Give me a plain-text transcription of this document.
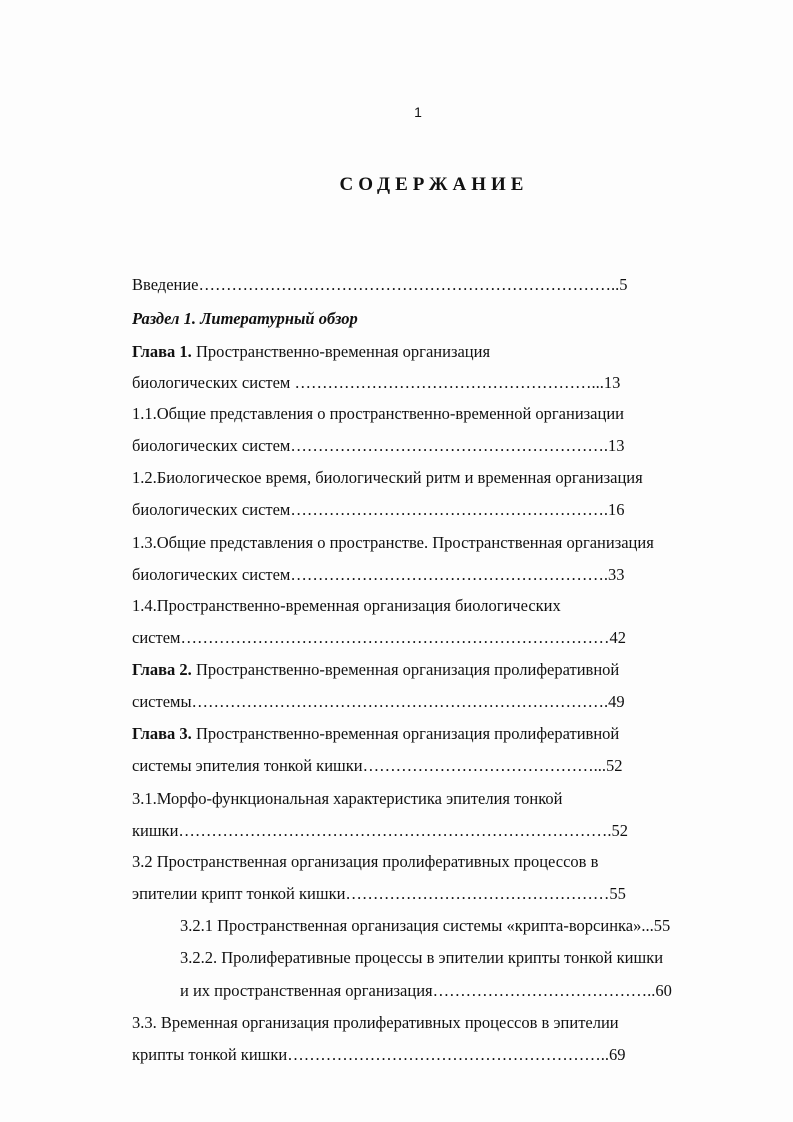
1
СОДЕРЖАНИЕ
Введение…………………………………………………………………..5
Раздел 1. Литературный обзор
Глава 1. Пространственно-временная организация
биологических систем ………………………………………………...13
1.1.Общие представления о пространственно-временной организации
биологических систем………………………………………………….13
1.2.Биологическое время, биологический ритм и временная организация
биологических систем………………………………………………….16
1.3.Общие представления о пространстве. Пространственная организация
биологических систем………………………………………………….33
1.4.Пространственно-временная организация биологических
систем……………………………………………………………………42
Глава 2. Пространственно-временная организация пролиферативной
системы………………………………………………………………….49
Глава 3. Пространственно-временная организация пролиферативной
системы эпителия тонкой кишки……………………………………...52
3.1.Морфо-функциональная характеристика эпителия тонкой
кишки…………………………………………………………………….52
3.2 Пространственная организация пролиферативных процессов в
эпителии крипт тонкой кишки…………………………………………55
3.2.1 Пространственная организация системы «крипта-ворсинка»...55
3.2.2. Пролиферативные процессы в эпителии крипты тонкой кишки
и их пространственная организация…………………………………..60
3.3. Временная организация пролиферативных процессов в эпителии
крипты тонкой кишки…………………………………………………..69
